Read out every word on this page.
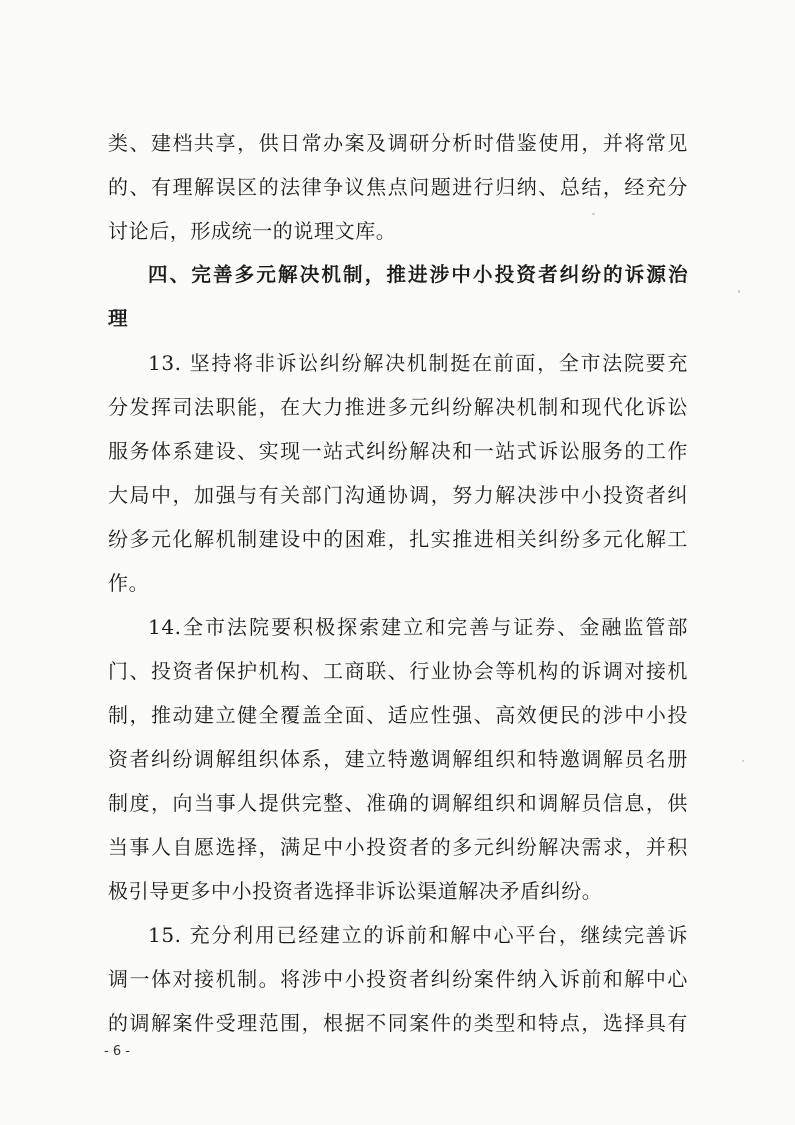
类、建档共享，供日常办案及调研分析时借鉴使用，并将常见
的、有理解误区的法律争议焦点问题进行归纳、总结，经充分
讨论后，形成统一的说理文库。
四、完善多元解决机制，推进涉中小投资者纠纷的诉源治
理
13. 坚持将非诉讼纠纷解决机制挺在前面，全市法院要充
分发挥司法职能，在大力推进多元纠纷解决机制和现代化诉讼
服务体系建设、实现一站式纠纷解决和一站式诉讼服务的工作
大局中，加强与有关部门沟通协调，努力解决涉中小投资者纠
纷多元化解机制建设中的困难，扎实推进相关纠纷多元化解工
作。
14.全市法院要积极探索建立和完善与证券、金融监管部
门、投资者保护机构、工商联、行业协会等机构的诉调对接机
制，推动建立健全覆盖全面、适应性强、高效便民的涉中小投
资者纠纷调解组织体系，建立特邀调解组织和特邀调解员名册
制度，向当事人提供完整、准确的调解组织和调解员信息，供
当事人自愿选择，满足中小投资者的多元纠纷解决需求，并积
极引导更多中小投资者选择非诉讼渠道解决矛盾纠纷。
15. 充分利用已经建立的诉前和解中心平台，继续完善诉
调一体对接机制。将涉中小投资者纠纷案件纳入诉前和解中心
的调解案件受理范围，根据不同案件的类型和特点，选择具有
- 6 -
